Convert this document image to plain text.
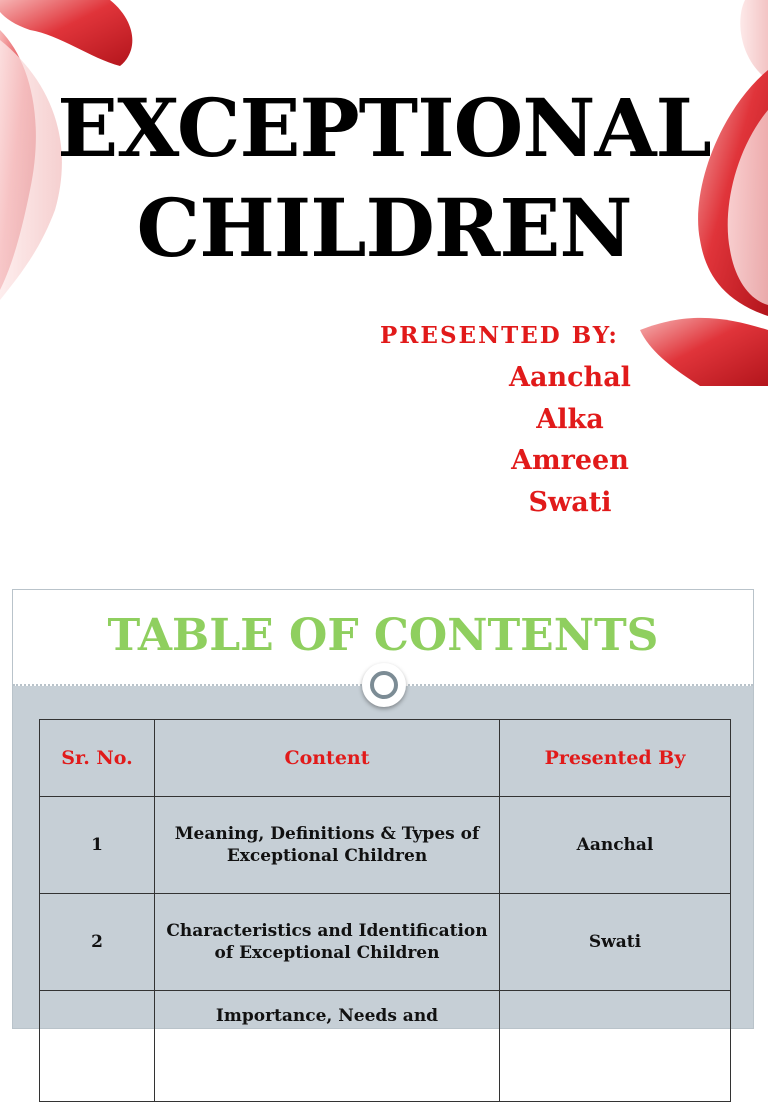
EXCEPTIONAL CHILDREN
PRESENTED BY:
Aanchal
Alka
Amreen
Swati
TABLE OF CONTENTS
Sr. No.	Content	Presented By
1	Meaning, Definitions & Types of Exceptional Children	Aanchal
2	Characteristics and Identification of Exceptional Children	Swati
	Importance, Needs and	
